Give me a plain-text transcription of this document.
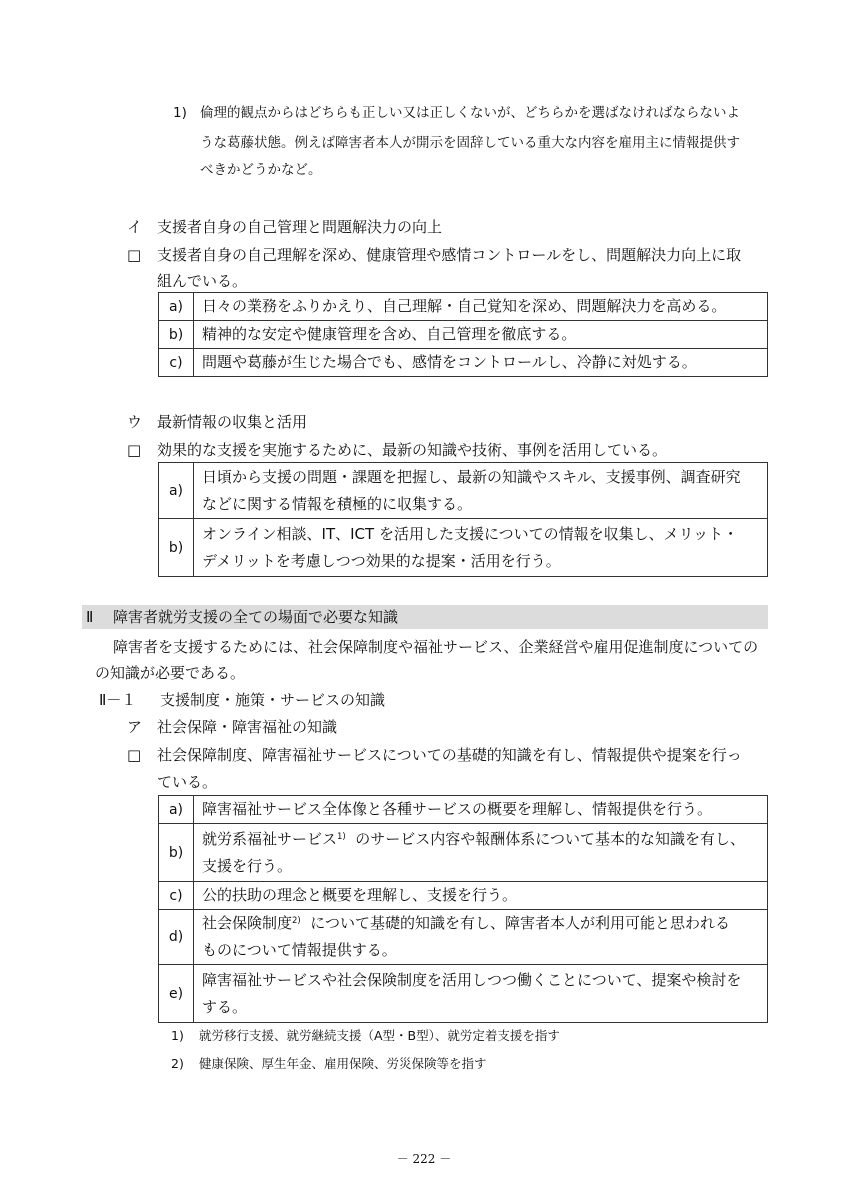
1) 倫理的観点からはどちらも正しい又は正しくないが、どちらかを選ばなければならないよ
うな葛藤状態。例えば障害者本人が開示を固辞している重大な内容を雇用主に情報提供す
べきかどうかなど。
イ 支援者自身の自己管理と問題解決力の向上
□ 支援者自身の自己理解を深め、健康管理や感情コントロールをし、問題解決力向上に取
組んでいる。
a)	日々の業務をふりかえり、自己理解・自己覚知を深め、問題解決力を高める。
b)	精神的な安定や健康管理を含め、自己管理を徹底する。
c)	問題や葛藤が生じた場合でも、感情をコントロールし、冷静に対処する。
ウ 最新情報の収集と活用
□ 効果的な支援を実施するために、最新の知識や技術、事例を活用している。
a)	日頃から支援の問題・課題を把握し、最新の知識やスキル、支援事例、調査研究
などに関する情報を積極的に収集する。

b)	オンライン相談、IT、ICT を活用した支援についての情報を収集し、メリット・
デメリットを考慮しつつ効果的な提案・活用を行う。
Ⅱ 障害者就労支援の全ての場面で必要な知識
障害者を支援するためには、社会保障制度や福祉サービス、企業経営や雇用促進制度についての
の知識が必要である。
Ⅱ－１ 支援制度・施策・サービスの知識
ア 社会保障・障害福祉の知識
□ 社会保障制度、障害福祉サービスについての基礎的知識を有し、情報提供や提案を行っ
ている。
a)	障害福祉サービス全体像と各種サービスの概要を理解し、情報提供を行う。
b)	就労系福祉サービス$^{1)}$ のサービス内容や報酬体系について基本的な知識を有し、
支援を行う。

c)	公的扶助の理念と概要を理解し、支援を行う。
d)	社会保険制度$^{2)}$ について基礎的知識を有し、障害者本人が利用可能と思われる
ものについて情報提供する。

e)	障害福祉サービスや社会保険制度を活用しつつ働くことについて、提案や検討を
する。
1) 就労移行支援、就労継続支援（A型・B型）、就労定着支援を指す
2) 健康保険、厚生年金、雇用保険、労災保険等を指す
－ 222 －
